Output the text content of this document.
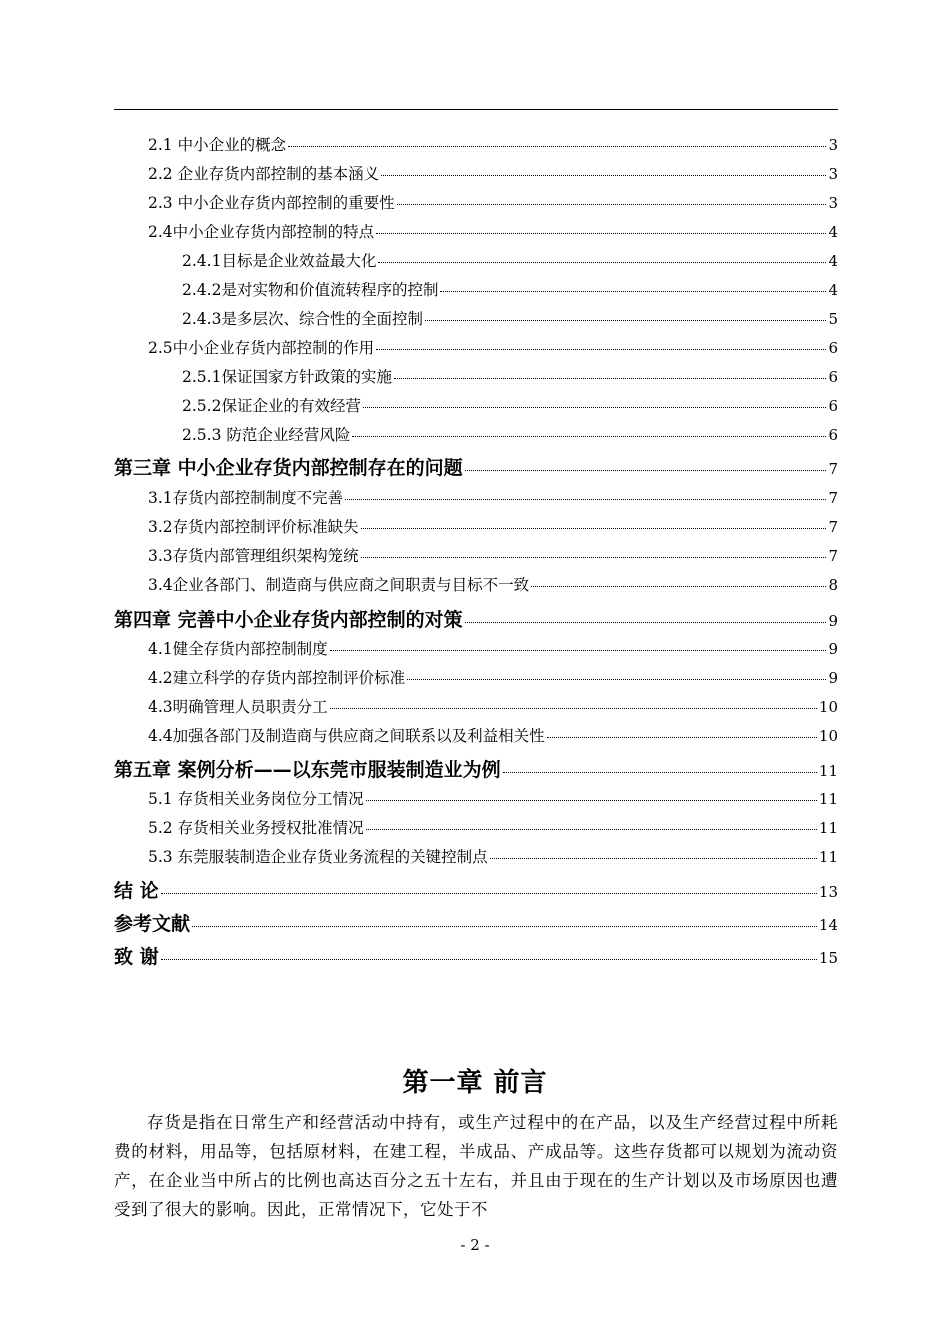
2.1 中小企业的概念	3
2.2 企业存货内部控制的基本涵义	3
2.3 中小企业存货内部控制的重要性	3
2.4中小企业存货内部控制的特点	4
2.4.1目标是企业效益最大化	4
2.4.2是对实物和价值流转程序的控制	4
2.4.3是多层次、综合性的全面控制	5
2.5中小企业存货内部控制的作用	6
2.5.1保证国家方针政策的实施	6
2.5.2保证企业的有效经营	6
2.5.3 防范企业经营风险	6
第三章 中小企业存货内部控制存在的问题	7
3.1存货内部控制制度不完善	7
3.2存货内部控制评价标准缺失	7
3.3存货内部管理组织架构笼统	7
3.4企业各部门、制造商与供应商之间职责与目标不一致	8
第四章 完善中小企业存货内部控制的对策	9
4.1健全存货内部控制制度	9
4.2建立科学的存货内部控制评价标准	9
4.3明确管理人员职责分工	10
4.4加强各部门及制造商与供应商之间联系以及利益相关性	10
第五章 案例分析——以东莞市服装制造业为例	11
5.1 存货相关业务岗位分工情况	11
5.2 存货相关业务授权批准情况	11
5.3 东莞服装制造企业存货业务流程的关键控制点	11
结 论	13
参考文献	14
致 谢	15
第一章 前言
存货是指在日常生产和经营活动中持有，或生产过程中的在产品，以及生产经营过程中所耗费的材料，用品等，包括原材料，在建工程，半成品、产成品等。这些存货都可以规划为流动资产，在企业当中所占的比例也高达百分之五十左右，并且由于现在的生产计划以及市场原因也遭受到了很大的影响。因此，正常情况下，它处于不
- 2 -
